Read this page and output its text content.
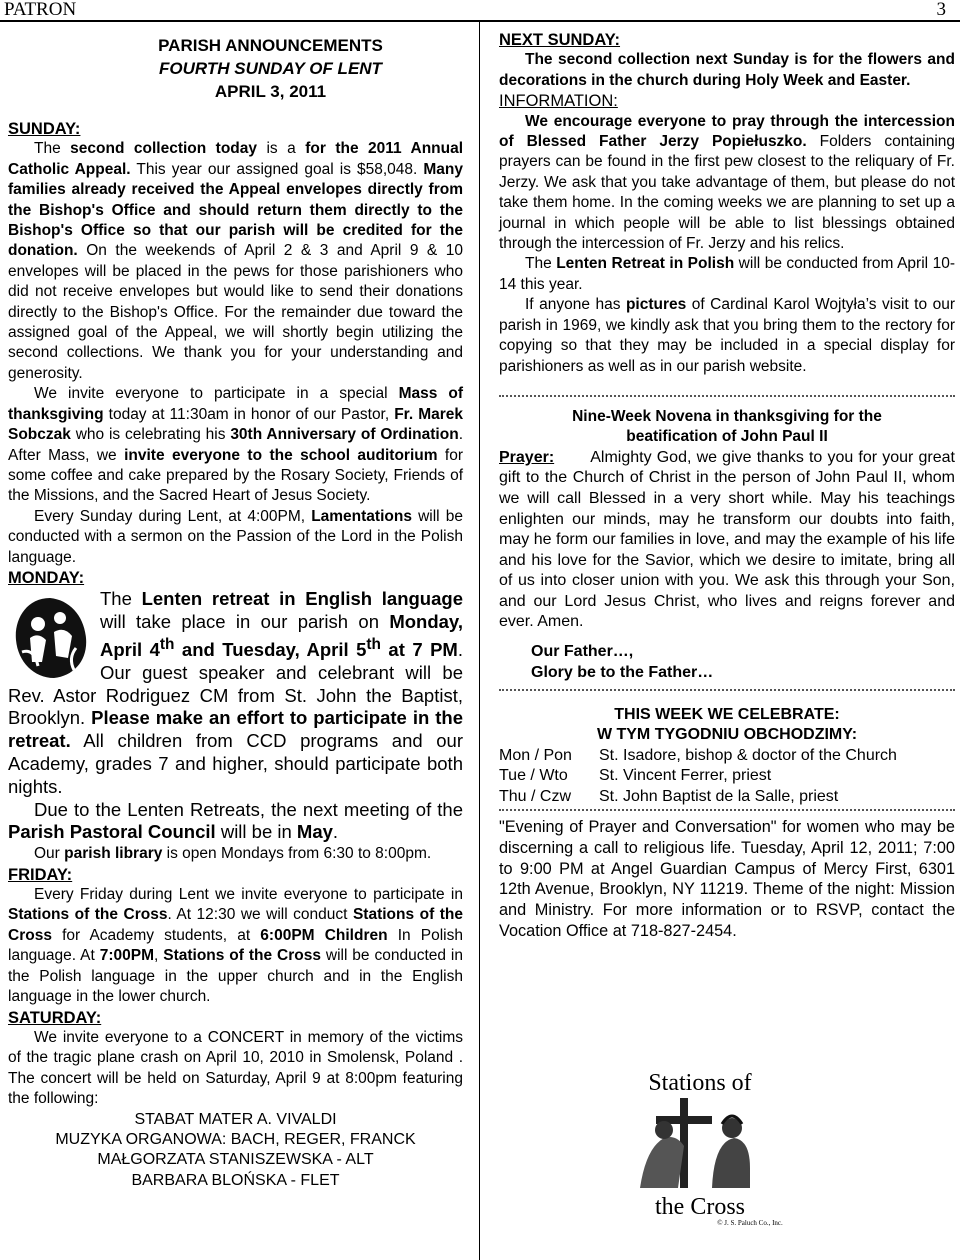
PATRON	3
PARISH ANNOUNCEMENTS
FOURTH SUNDAY OF LENT
APRIL 3, 2011
SUNDAY:

The second collection today is a for the 2011 Annual Catholic Appeal. This year our assigned goal is $58,048. Many families already received the Appeal envelopes directly from the Bishop's Office and should return them directly to the Bishop's Office so that our parish will be credited for the donation. On the weekends of April 2 & 3 and April 9 & 10 envelopes will be placed in the pews for those parishioners who did not receive envelopes but would like to send their donations directly to the Bishop's Office. For the remainder due toward the assigned goal of the Appeal, we will shortly begin utilizing the second collections. We thank you for your understanding and generosity.

We invite everyone to participate in a special Mass of thanksgiving today at 11:30am in honor of our Pastor, Fr. Marek Sobczak who is celebrating his 30th Anniversary of Ordination. After Mass, we invite everyone to the school auditorium for some coffee and cake prepared by the Rosary Society, Friends of the Missions, and the Sacred Heart of Jesus Society.

Every Sunday during Lent, at 4:00PM, Lamentations will be conducted with a sermon on the Passion of the Lord in the Polish language.

MONDAY:

The Lenten retreat in English language will take place in our parish on Monday, April 4th and Tuesday, April 5th at 7 PM. Our guest speaker and celebrant will be Rev. Astor Rodriguez CM from St. John the Baptist, Brooklyn. Please make an effort to participate in the retreat. All children from CCD programs and our Academy, grades 7 and higher, should participate both nights.

Due to the Lenten Retreats, the next meeting of the Parish Pastoral Council will be in May.

Our parish library is open Mondays from 6:30 to 8:00pm.

FRIDAY:

Every Friday during Lent we invite everyone to participate in Stations of the Cross. At 12:30 we will conduct Stations of the Cross for Academy students, at 6:00PM Children In Polish language. At 7:00PM, Stations of the Cross will be conducted in the Polish language in the upper church and in the English language in the lower church.

SATURDAY:

We invite everyone to a CONCERT in memory of the victims of the tragic plane crash on April 10, 2010 in Smolensk, Poland . The concert will be held on Saturday, April 9 at 8:00pm featuring the following:

STABAT MATER A. VIVALDI
MUZYKA ORGANOWA: BACH, REGER, FRANCK
MAŁGORZATA STANISZEWSKA - ALT
BARBARA BLOŃSKA - FLET
NEXT SUNDAY:

The second collection next Sunday is for the flowers and decorations in the church during Holy Week and Easter.

INFORMATION:

We encourage everyone to pray through the intercession of Blessed Father Jerzy Popiełuszko. Folders containing prayers can be found in the first pew closest to the reliquary of Fr. Jerzy. We ask that you take advantage of them, but please do not take them home. In the coming weeks we are planning to set up a journal in which people will be able to list blessings obtained through the intercession of Fr. Jerzy and his relics.

The Lenten Retreat in Polish will be conducted from April 10-14 this year.

If anyone has pictures of Cardinal Karol Wojtyła’s visit to our parish in 1969, we kindly ask that you bring them to the rectory for copying so that they may be included in a special display for parishioners as well as in our parish website.

Nine-Week Novena in thanksgiving for the
beatification of John Paul II

Prayer: Almighty God, we give thanks to you for your great gift to the Church of Christ in the person of John Paul II, whom we will call Blessed in a very short while. May his teachings enlighten our minds, may he transform our doubts into faith, may he form our families in love, and may the example of his life and his love for the Savior, which we desire to imitate, bring all of us into closer union with you. We ask this through your Son, and our Lord Jesus Christ, who lives and reigns forever and ever. Amen.

Our Father…,
Glory be to the Father…
THIS WEEK WE CELEBRATE:
W TYM TYGODNIU OBCHODZIMY:
Mon / Pon	St. Isadore, bishop & doctor of the Church
Tue / Wto	St. Vincent Ferrer, priest
Thu / Czw	St. John Baptist de la Salle, priest

"Evening of Prayer and Conversation" for women who may be discerning a call to religious life. Tuesday, April 12, 2011; 7:00 to 9:00 PM at Angel Guardian Campus of Mercy First, 6301 12th Avenue, Brooklyn, NY 11219. Theme of the night: Mission and Ministry. For more information or to RSVP, contact the Vocation Office at 718-827-2454.

Stations of
the Cross
© J. S. Paluch Co., Inc.
